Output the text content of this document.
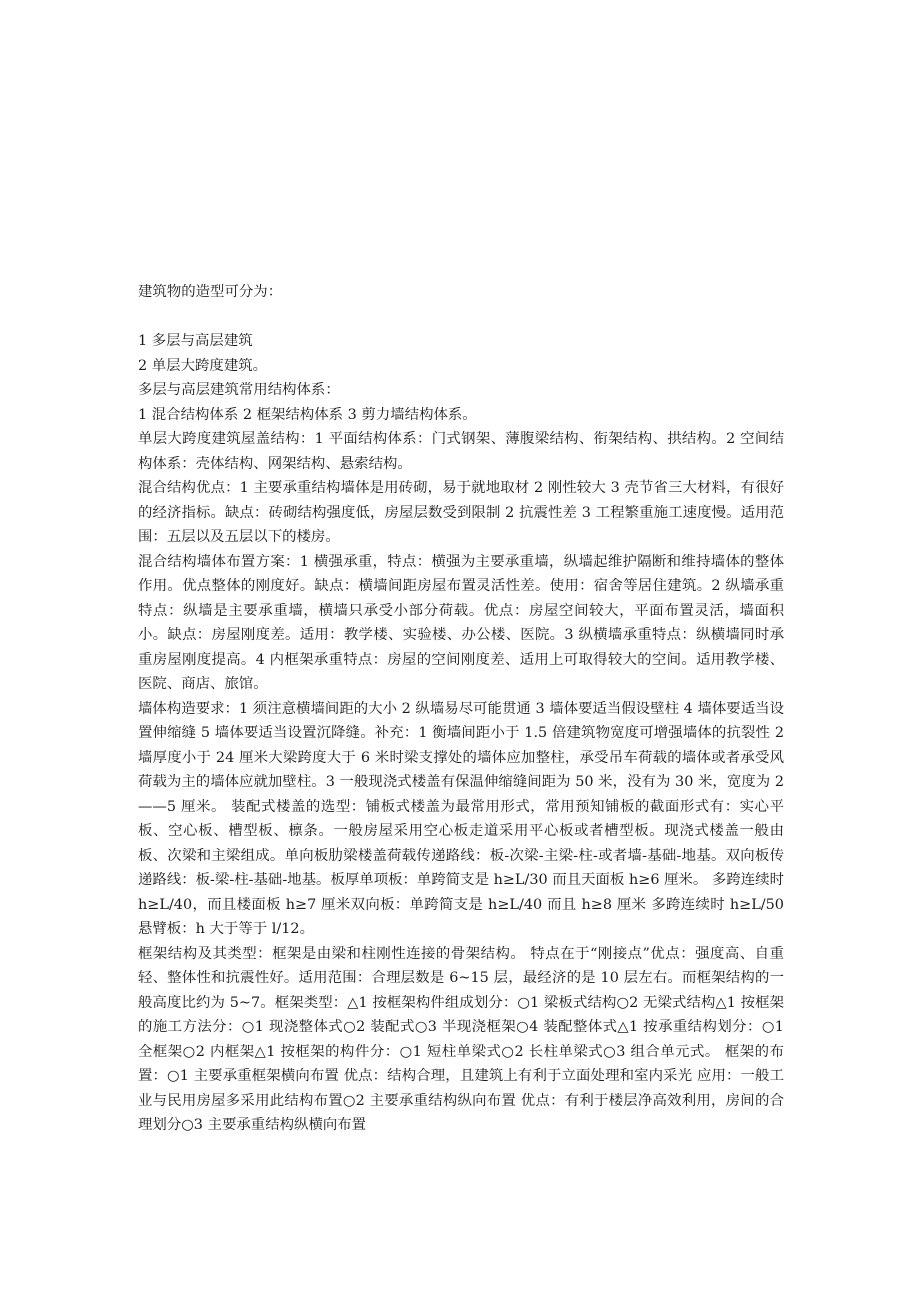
建筑物的造型可分为：

1 多层与高层建筑

2 单层大跨度建筑。

多层与高层建筑常用结构体系：

1 混合结构体系 2 框架结构体系 3 剪力墙结构体系。

单层大跨度建筑屋盖结构：1 平面结构体系：门式钢架、薄腹梁结构、衔架结构、拱结构。2 空间结构体系：壳体结构、网架结构、悬索结构。

混合结构优点：1 主要承重结构墙体是用砖砌，易于就地取材 2 刚性较大 3 壳节省三大材料，有很好的经济指标。缺点：砖砌结构强度低，房屋层数受到限制 2 抗震性差 3 工程繁重施工速度慢。适用范围：五层以及五层以下的楼房。

混合结构墙体布置方案：1 横强承重，特点：横强为主要承重墙，纵墙起维护隔断和维持墙体的整体作用。优点整体的刚度好。缺点：横墙间距房屋布置灵活性差。使用：宿舍等居住建筑。2 纵墙承重特点：纵墙是主要承重墙，横墙只承受小部分荷载。优点：房屋空间较大，平面布置灵活，墙面积小。缺点：房屋刚度差。适用：教学楼、实验楼、办公楼、医院。3 纵横墙承重特点：纵横墙同时承重房屋刚度提高。4 内框架承重特点：房屋的空间刚度差、适用上可取得较大的空间。适用教学楼、医院、商店、旅馆。

墙体构造要求：1 须注意横墙间距的大小 2 纵墙易尽可能贯通 3 墙体要适当假设壁柱 4 墙体要适当设置伸缩缝 5 墙体要适当设置沉降缝。补充：1 衡墙间距小于 1.5 倍建筑物宽度可增强墙体的抗裂性 2 墙厚度小于 24 厘米大梁跨度大于 6 米时梁支撑处的墙体应加整柱，承受吊车荷载的墙体或者承受风荷载为主的墙体应就加壁柱。3 一般现浇式楼盖有保温伸缩缝间距为 50 米，没有为 30 米，宽度为 2——5 厘米。 装配式楼盖的选型：铺板式楼盖为最常用形式，常用预知铺板的截面形式有：实心平板、空心板、槽型板、檩条。一般房屋采用空心板走道采用平心板或者槽型板。现浇式楼盖一般由板、次梁和主梁组成。单向板肋梁楼盖荷载传递路线：板-次梁-主梁-柱-或者墙-基础-地基。双向板传递路线：板-梁-柱-基础-地基。板厚单项板：单跨简支是 h≥L/30 而且天面板 h≥6 厘米。 多跨连续时 h≥L/40，而且楼面板 h≥7 厘米双向板：单跨简支是 h≥L/40 而且 h≥8 厘米 多跨连续时 h≥L/50 悬臂板：h 大于等于 l/12。

框架结构及其类型：框架是由梁和柱刚性连接的骨架结构。 特点在于“刚接点”优点：强度高、自重轻、整体性和抗震性好。适用范围：合理层数是 6~15 层，最经济的是 10 层左右。而框架结构的一般高度比约为 5~7。框架类型：△1 按框架构件组成划分：○1 梁板式结构○2 无梁式结构△1 按框架的施工方法分：○1 现浇整体式○2 装配式○3 半现浇框架○4 装配整体式△1 按承重结构划分：○1 全框架○2 内框架△1 按框架的构件分：○1 短柱单梁式○2 长柱单梁式○3 组合单元式。 框架的布置：○1 主要承重框架横向布置 优点：结构合理，且建筑上有利于立面处理和室内采光 应用：一般工业与民用房屋多采用此结构布置○2 主要承重结构纵向布置 优点：有利于楼层净高效利用，房间的合理划分○3 主要承重结构纵横向布置
